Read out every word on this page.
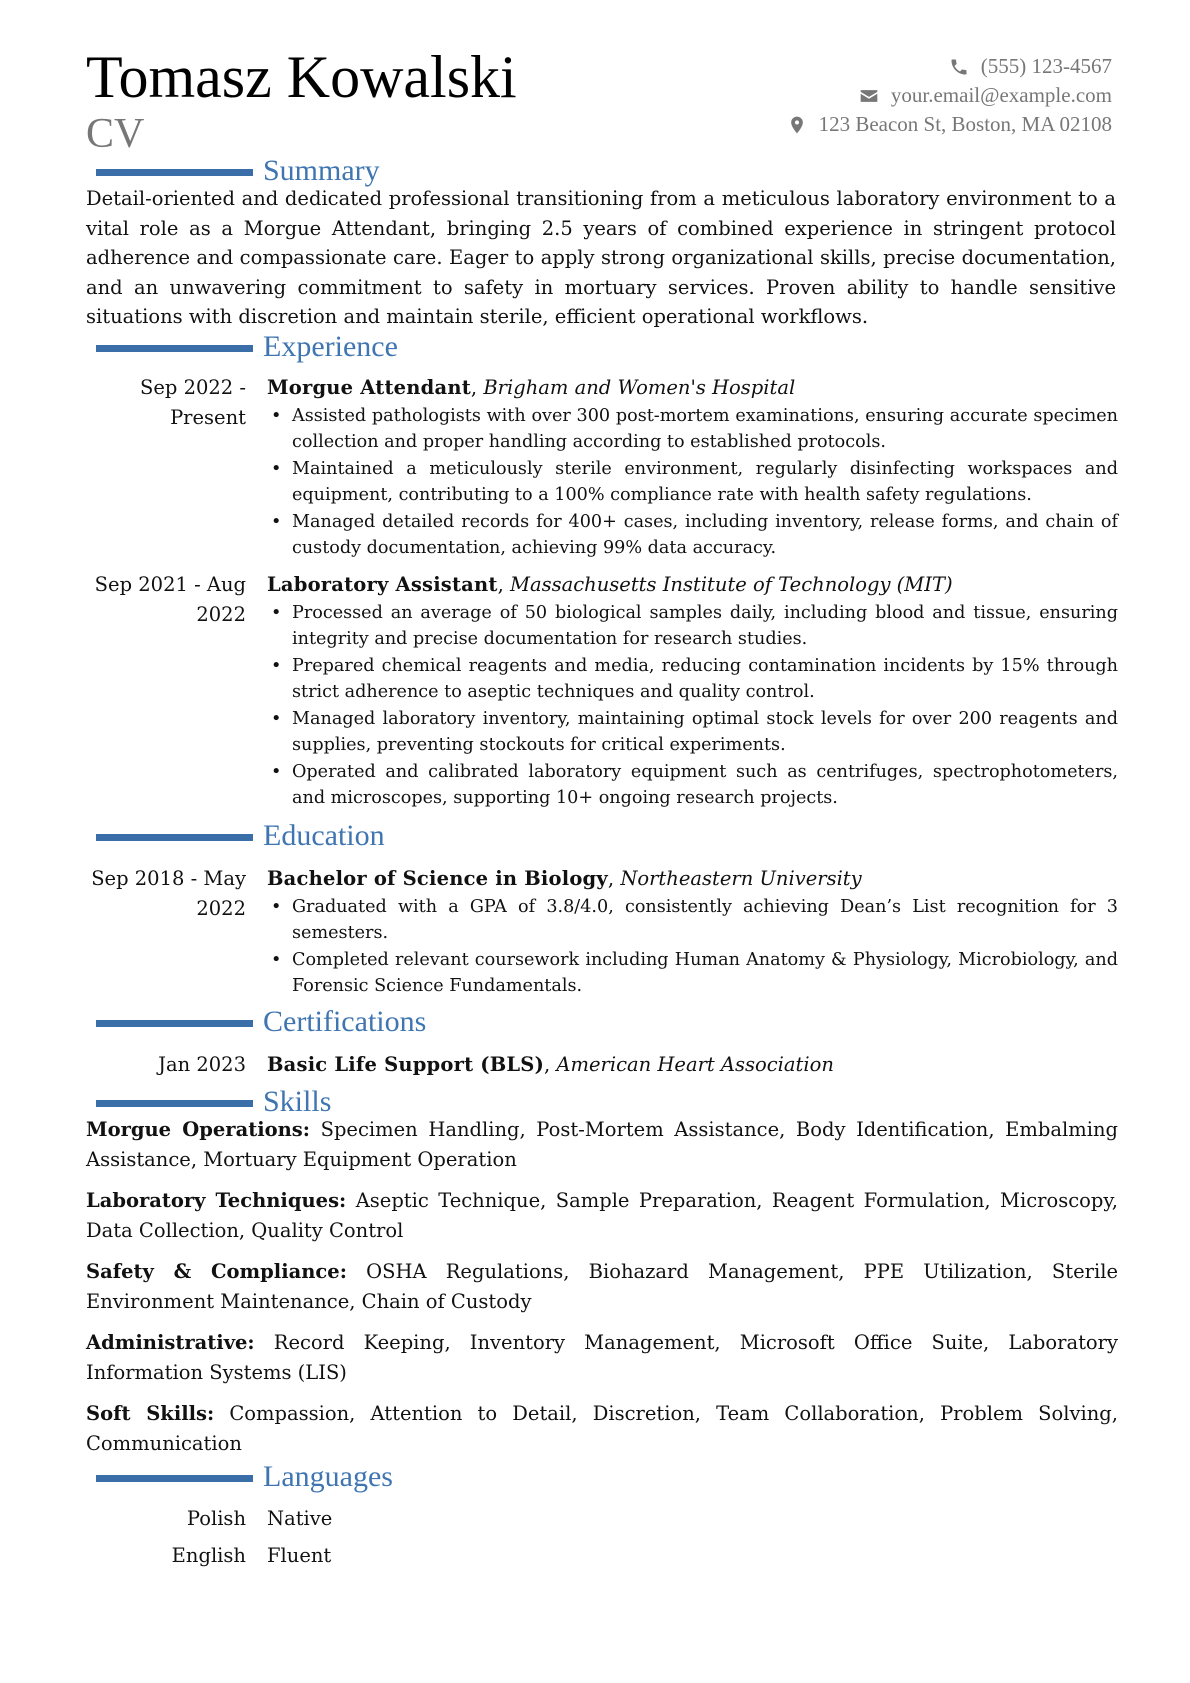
Tomasz Kowalski
CV
(555) 123-4567
your.email@example.com
123 Beacon St, Boston, MA 02108
Summary

Detail-oriented and dedicated professional transitioning from a meticulous laboratory environment to a vital role as a Morgue Attendant, bringing 2.5 years of combined experience in stringent protocol adherence and compassionate care. Eager to apply strong organizational skills, precise documentation, and an unwavering commitment to safety in mortuary services. Proven ability to handle sensitive situations with discretion and maintain sterile, efficient operational workflows.

Experience
Sep 2022 - Present
Morgue Attendant, Brigham and Women's Hospital
• Assisted pathologists with over 300 post-mortem examinations, ensuring accurate specimen collection and proper handling according to established protocols.
• Maintained a meticulously sterile environment, regularly disinfecting workspaces and equipment, contributing to a 100% compliance rate with health safety regulations.
• Managed detailed records for 400+ cases, including inventory, release forms, and chain of custody documentation, achieving 99% data accuracy.
Sep 2021 - Aug 2022
Laboratory Assistant, Massachusetts Institute of Technology (MIT)
• Processed an average of 50 biological samples daily, including blood and tissue, ensuring integrity and precise documentation for research studies.
• Prepared chemical reagents and media, reducing contamination incidents by 15% through strict adherence to aseptic techniques and quality control.
• Managed laboratory inventory, maintaining optimal stock levels for over 200 reagents and supplies, preventing stockouts for critical experiments.
• Operated and calibrated laboratory equipment such as centrifuges, spectrophotometers, and microscopes, supporting 10+ ongoing research projects.
Education
Sep 2018 - May 2022
Bachelor of Science in Biology, Northeastern University
• Graduated with a GPA of 3.8/4.0, consistently achieving Dean’s List recognition for 3 semesters.
• Completed relevant coursework including Human Anatomy & Physiology, Microbiology, and Forensic Science Fundamentals.
Certifications
Jan 2023 Basic Life Support (BLS), American Heart Association
Skills
Morgue Operations: Specimen Handling, Post-Mortem Assistance, Body Identification, Embalming Assistance, Mortuary Equipment Operation
Laboratory Techniques: Aseptic Technique, Sample Preparation, Reagent Formulation, Microscopy, Data Collection, Quality Control
Safety & Compliance: OSHA Regulations, Biohazard Management, PPE Utilization, Sterile Environment Maintenance, Chain of Custody
Administrative: Record Keeping, Inventory Management, Microsoft Office Suite, Laboratory Information Systems (LIS)
Soft Skills: Compassion, Attention to Detail, Discretion, Team Collaboration, Problem Solving, Communication
Languages
Polish Native
English Fluent
